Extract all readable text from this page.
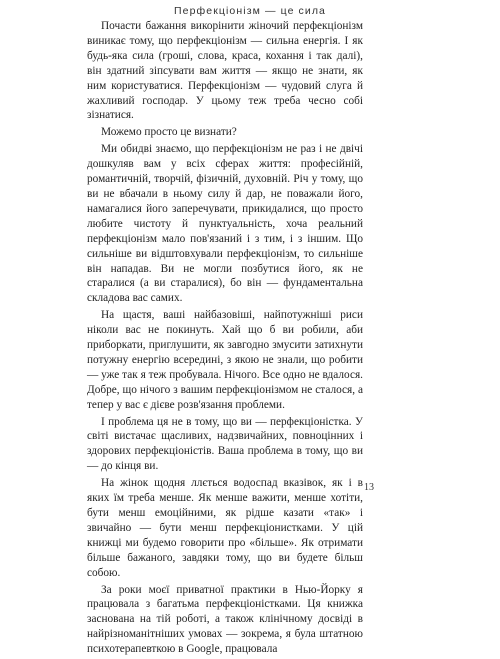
Перфекціонізм — це сила

Почасти бажання викорінити жіночий перфекціонізм виникає тому, що перфекціонізм — сильна енергія. І як будь-яка сила (гроші, слова, краса, кохання і так далі), він здатний зіпсувати вам життя — якщо не знати, як ним користуватися. Перфекціонізм — чудовий слуга й жахливий господар. У цьому теж треба чесно собі зізнатися.

Можемо просто це визнати?

Ми обидві знаємо, що перфекціонізм не раз і не двічі дошкуляв вам у всіх сферах життя: професійній, романтичній, творчій, фізичній, духовній. Річ у тому, що ви не вбачали в ньому силу й дар, не поважали його, намагалися його заперечувати, прикидалися, що просто любите чистоту й пунктуальність, хоча реальний перфекціонізм мало пов'язаний і з тим, і з іншим. Що сильніше ви відштовхували перфекціонізм, то сильніше він нападав. Ви не могли позбутися його, як не старалися (а ви старалися), бо він — фундаментальна складова вас самих.

На щастя, ваші найбазовіші, найпотужніші риси ніколи вас не покинуть. Хай що б ви робили, аби приборкати, приглушити, як завгодно змусити затихнути потужну енергію всередині, з якою не знали, що робити — уже так я теж пробувала. Нічого. Все одно не вдалося. Добре, що нічого з вашим перфекціонізмом не сталося, а тепер у вас є дієве розв'язання проблеми.

І проблема ця не в тому, що ви — перфекціоністка. У світі вистачає щасливих, надзвичайних, повноцінних і здорових перфекціоністів. Ваша проблема в тому, що ви — до кінця ви.

На жінок щодня ллється водоспад вказівок, як і в яких їм треба менше. Як менше важити, менше хотіти, бути менш емоційними, як рідше казати «так» і звичайно — бути менш перфекціонистками. У цій книжці ми будемо говорити про «більше». Як отримати більше бажаного, завдяки тому, що ви будете більш собою.

За роки моєї приватної практики в Нью-Йорку я працювала з багатьма перфекціоністками. Ця книжка заснована на тій роботі, а також клінічному досвіді в найрізноманітніших умовах — зокрема, я була штатною психотерапевткою в Google, працювала

13
